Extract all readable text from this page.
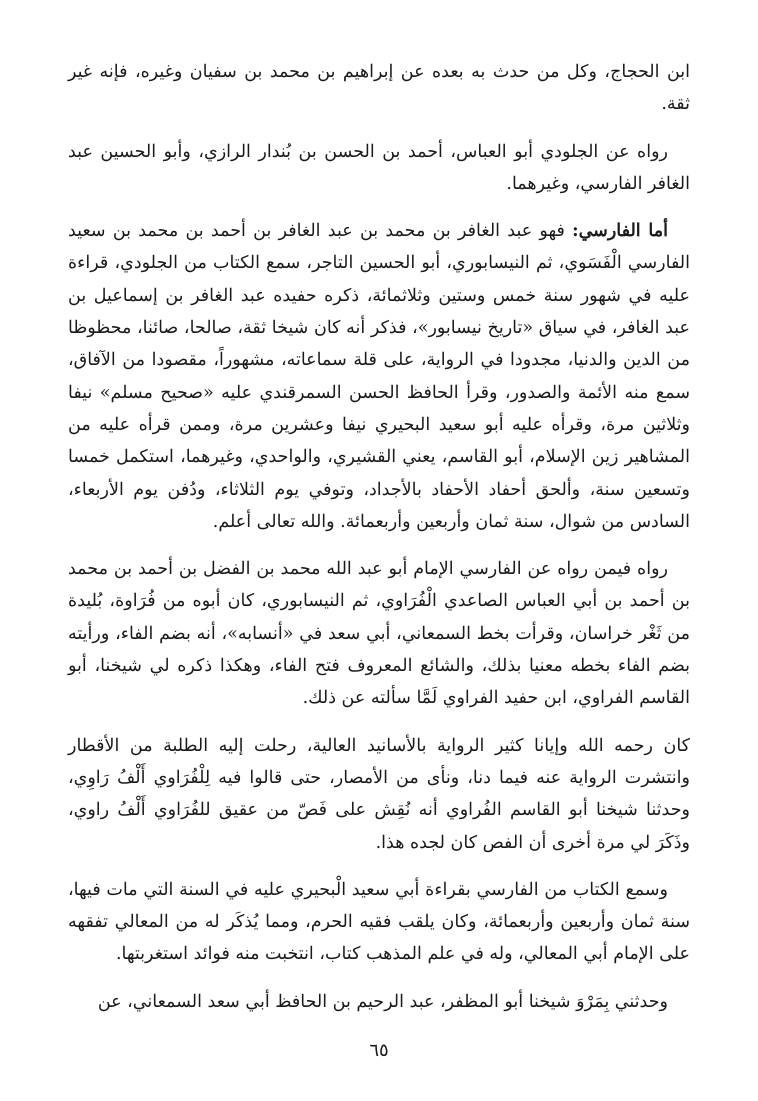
ابن الحجاج، وكل من حدث به بعده عن إبراهيم بن محمد بن سفيان وغيره، فإنه غير ثقة.

رواه عن الجلودي أبو العباس، أحمد بن الحسن بن بُندار الرازي، وأبو الحسين عبد الغافر الفارسي، وغيرهما.

أما الفارسي: فهو عبد الغافر بن محمد بن عبد الغافر بن أحمد بن محمد بن سعيد الفارسي الْفَسَوي، ثم النيسابوري، أبو الحسين التاجر، سمع الكتاب من الجلودي، قراءة عليه في شهور سنة خمس وستين وثلاثمائة، ذكره حفيده عبد الغافر بن إسماعيل بن عبد الغافر، في سياق «تاريخ نيسابور»، فذكر أنه كان شيخا ثقة، صالحا، صائنا، محظوظا من الدين والدنيا، مجدودا في الرواية، على قلة سماعاته، مشهوراً، مقصودا من الآفاق، سمع منه الأئمة والصدور، وقرأ الحافظ الحسن السمرقندي عليه «صحيح مسلم» نيفا وثلاثين مرة، وقرأه عليه أبو سعيد البحيري نيفا وعشرين مرة، وممن قرأه عليه من المشاهير زين الإسلام، أبو القاسم، يعني القشيري، والواحدي، وغيرهما، استكمل خمسا وتسعين سنة، وألحق أحفاد الأحفاد بالأجداد، وتوفي يوم الثلاثاء، ودُفن يوم الأربعاء، السادس من شوال، سنة ثمان وأربعين وأربعمائة. والله تعالى أعلم.

رواه فيمن رواه عن الفارسي الإمام أبو عبد الله محمد بن الفضل بن أحمد بن محمد بن أحمد بن أبي العباس الصاعدي الْفُرَاوي، ثم النيسابوري، كان أبوه من فُرَاوة، بُليدة من ثَغْر خراسان، وقرأت بخط السمعاني، أبي سعد في «أنسابه»، أنه بضم الفاء، ورأيته بضم الفاء بخطه معنيا بذلك، والشائع المعروف فتح الفاء، وهكذا ذكره لي شيخنا، أبو القاسم الفراوي، ابن حفيد الفراوي لَمَّا سألته عن ذلك.

كان رحمه الله وإيانا كثير الرواية بالأسانيد العالية، رحلت إليه الطلبة من الأقطار وانتشرت الرواية عنه فيما دنا، ونأى من الأمصار، حتى قالوا فيه لِلْفُرَاوي أَلْفُ رَاوِي، وحدثنا شيخنا أبو القاسم الفُراوي أنه نُقِش على فَصّ من عقيق للفُرَاوي أَلْفُ راوي، وذَكَرَ لي مرة أخرى أن الفص كان لجده هذا.

وسمع الكتاب من الفارسي بقراءة أبي سعيد الْبحيري عليه في السنة التي مات فيها، سنة ثمان وأربعين وأربعمائة، وكان يلقب فقيه الحرم، ومما يُذكَر له من المعالي تفقهه على الإمام أبي المعالي، وله في علم المذهب كتاب، انتخبت منه فوائد استغربتها.

وحدثني بِمَرْوَ شيخنا أبو المظفر، عبد الرحيم بن الحافظ أبي سعد السمعاني، عن

٦٥
